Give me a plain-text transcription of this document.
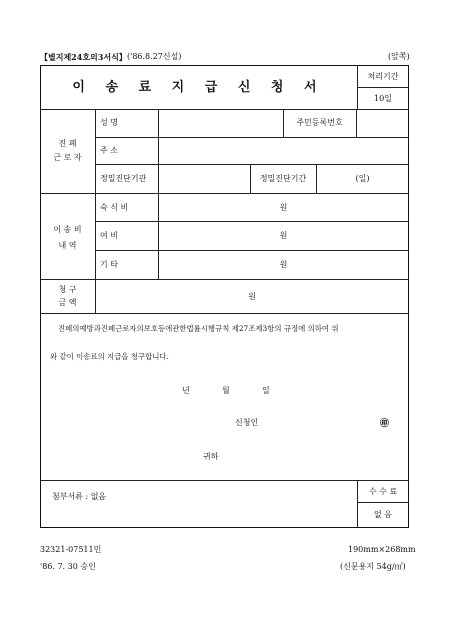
【별지제24호의3서식】 ('86.8.27신설)	(앞쪽)
이 송 료 지 급 신 청 서
처리기간
10일
진 폐
근 로 자
성 명	주민등록번호
주 소
정밀진단기관	정밀진단기간	(일)
이 송 비
내 역
숙 식 비	원
여 비	원
기 타	원
청 구
금 액
원
진폐의예방과진폐근로자의보호등에관한법률시행규칙 제27조제3항의 규정에 의하여 위
와 같이 이송료의 지급을 청구합니다.
년	월	일
신청인	㊞
귀하
첨부서류 : 없음
수 수 료
없 음
32321-07511민	190mm×268mm
'86. 7. 30 승인	(신문용지 54g/㎡)
